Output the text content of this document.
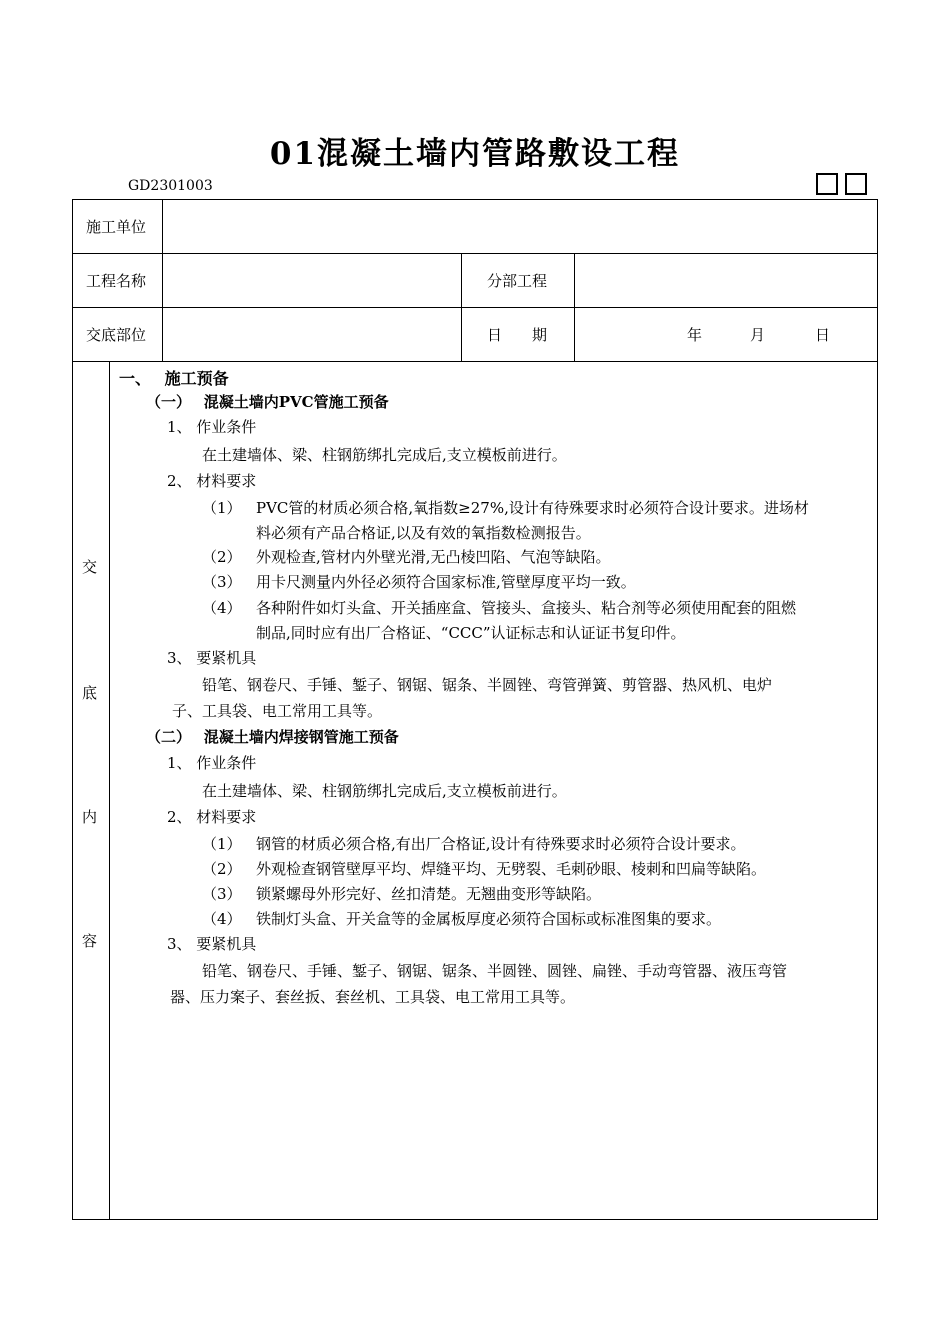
01混凝土墙内管路敷设工程
GD2301003
施工单位
工程名称	分部工程
交底部位	日　　期	年	月	日
交
底
内
容
一、　 施工预备
（一）　 混凝土墙内PVC管施工预备
1、 作业条件
在土建墙体、梁、柱钢筋绑扎完成后,支立模板前进行。
2、 材料要求
（1） PVC管的材质必须合格,氧指数≥27%,设计有待殊要求时必须符合设计要求。进场材
料必须有产品合格证,以及有效的氧指数检测报告。
（2） 外观检查,管材内外壁光滑,无凸棱凹陷、气泡等缺陷。
（3） 用卡尺测量内外径必须符合国家标准,管壁厚度平均一致。
（4） 各种附件如灯头盒、开关插座盒、管接头、盒接头、粘合剂等必须使用配套的阻燃
制品,同时应有出厂合格证、“CCC”认证标志和认证证书复印件。
3、 要紧机具
铅笔、钢卷尺、手锤、錾子、钢锯、锯条、半圆锉、弯管弹簧、剪管器、热风机、电炉
子、工具袋、电工常用工具等。
（二）　 混凝土墙内焊接钢管施工预备
1、 作业条件
在土建墙体、梁、柱钢筋绑扎完成后,支立模板前进行。
2、 材料要求
（1） 钢管的材质必须合格,有出厂合格证,设计有待殊要求时必须符合设计要求。
（2） 外观检查钢管壁厚平均、焊缝平均、无劈裂、毛刺砂眼、棱刺和凹扁等缺陷。
（3） 锁紧螺母外形完好、丝扣清楚。无翘曲变形等缺陷。
（4） 铁制灯头盒、开关盒等的金属板厚度必须符合国标或标准图集的要求。
3、 要紧机具
铅笔、钢卷尺、手锤、錾子、钢锯、锯条、半圆锉、圆锉、扁锉、手动弯管器、液压弯管
器、压力案子、套丝扳、套丝机、工具袋、电工常用工具等。
